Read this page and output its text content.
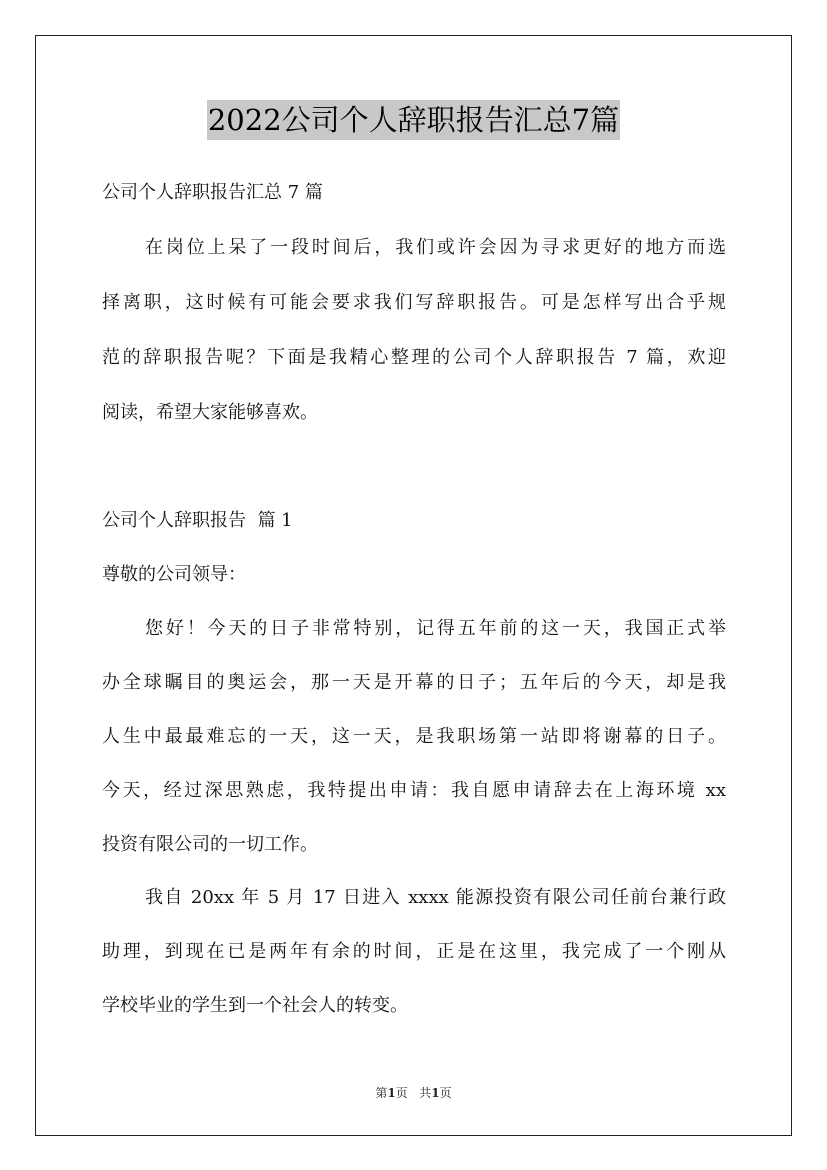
2022公司个人辞职报告汇总7篇
公司个人辞职报告汇总 7 篇
在岗位上呆了一段时间后，我们或许会因为寻求更好的地方而选
择离职，这时候有可能会要求我们写辞职报告。可是怎样写出合乎规
范的辞职报告呢？下面是我精心整理的公司个人辞职报告 7 篇，欢迎
阅读，希望大家能够喜欢。
公司个人辞职报告  篇 1
尊敬的公司领导：
您好！今天的日子非常特别，记得五年前的这一天，我国正式举
办全球瞩目的奥运会，那一天是开幕的日子；五年后的今天，却是我
人生中最最难忘的一天，这一天，是我职场第一站即将谢幕的日子。
今天，经过深思熟虑，我特提出申请：我自愿申请辞去在上海环境 xx
投资有限公司的一切工作。
我自 20xx 年 5 月 17 日进入 xxxx 能源投资有限公司任前台兼行政
助理，到现在已是两年有余的时间，正是在这里，我完成了一个刚从
学校毕业的学生到一个社会人的转变。
第1页 共1页
